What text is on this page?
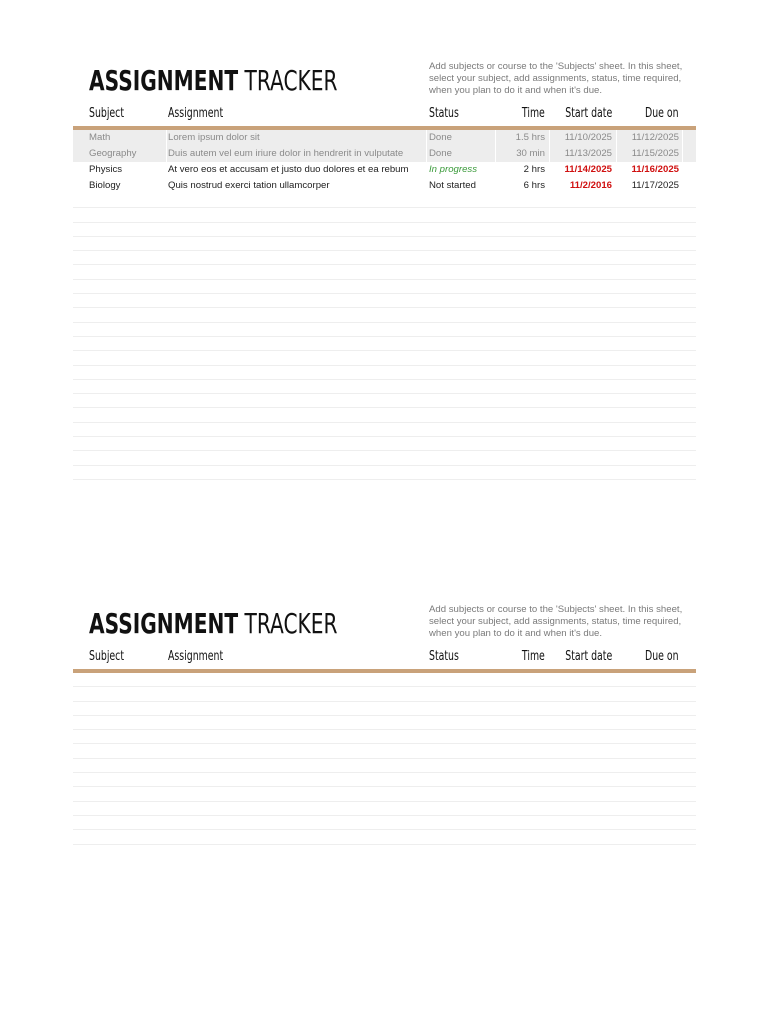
ASSIGNMENT TRACKER	Add subjects or course to the 'Subjects' sheet. In this sheet, select your subject, add assignments, status, time required, when you plan to do it and when it's due.
Subject	Assignment	Status	Time Start date	Due on
Math	Lorem ipsum dolor sit	Done	1.5 hrs 11/10/2025 11/12/2025
Geography	Duis autem vel eum iriure dolor in hendrerit in vulputate	Done	30 min 11/13/2025 11/15/2025
Physics	At vero eos et accusam et justo duo dolores et ea rebum	In progress	2 hrs 11/14/2025 11/16/2025
Biology	Quis nostrud exerci tation ullamcorper	Not started	6 hrs	11/2/2016 11/17/2025
ASSIGNMENT TRACKER	Add subjects or course to the 'Subjects' sheet. In this sheet, select your subject, add assignments, status, time required, when you plan to do it and when it's due.
Subject	Assignment	Status	Time Start date	Due on
